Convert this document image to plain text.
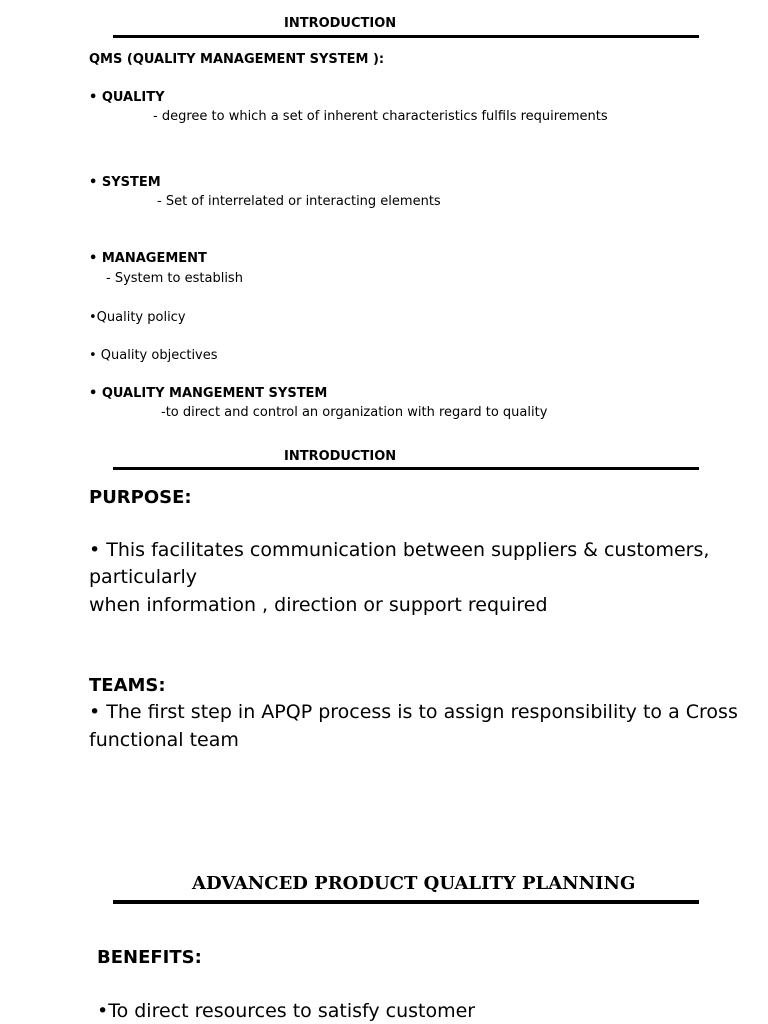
INTRODUCTION
QMS (QUALITY MANAGEMENT SYSTEM ):
• QUALITY
- degree to which a set of inherent characteristics fulfils requirements
• SYSTEM
- Set of interrelated or interacting elements
• MANAGEMENT
- System to establish
•Quality policy
• Quality objectives
• QUALITY MANGEMENT SYSTEM
-to direct and control an organization with regard to quality
INTRODUCTION
PURPOSE:
• This facilitates communication between suppliers & customers,
particularly
when information , direction or support required
TEAMS:
• The first step in APQP process is to assign responsibility to a Cross
functional team
ADVANCED PRODUCT QUALITY PLANNING
BENEFITS:
•To direct resources to satisfy customer
